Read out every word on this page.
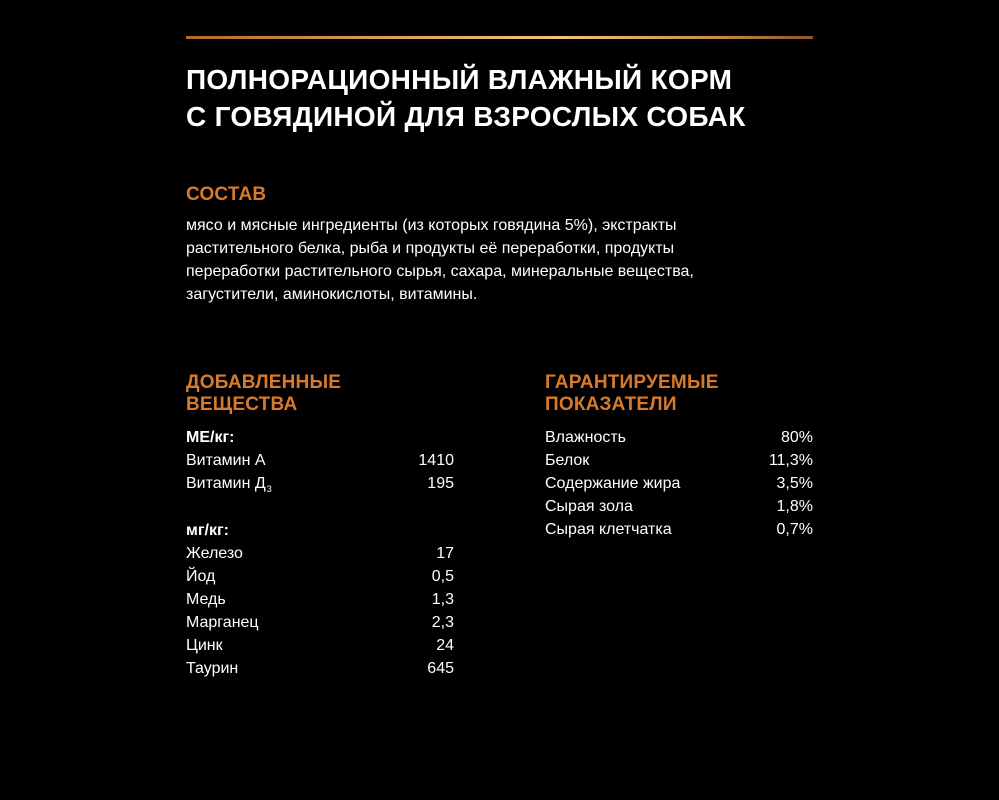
ПОЛНОРАЦИОННЫЙ ВЛАЖНЫЙ КОРМ
С ГОВЯДИНОЙ ДЛЯ ВЗРОСЛЫХ СОБАК
СОСТАВ

мясо и мясные ингредиенты (из которых говядина 5%), экстракты
растительного белка, рыба и продукты её переработки, продукты
переработки растительного сырья, сахара, минеральные вещества,
загустители, аминокислоты, витамины.

ДОБАВЛЕННЫЕ
ВЕЩЕСТВА

МЕ/кг:

Витамин А	1410
Витамин $Д_3$	195

мг/кг:

Железо	17
Йод	0,5
Медь	1,3
Марганец	2,3
Цинк	24
Таурин	645
ГАРАНТИРУЕМЫЕ
ПОКАЗАТЕЛИ
Влажность	80%
Белок	11,3%
Содержание жира	3,5%
Сырая зола	1,8%
Сырая клетчатка	0,7%
